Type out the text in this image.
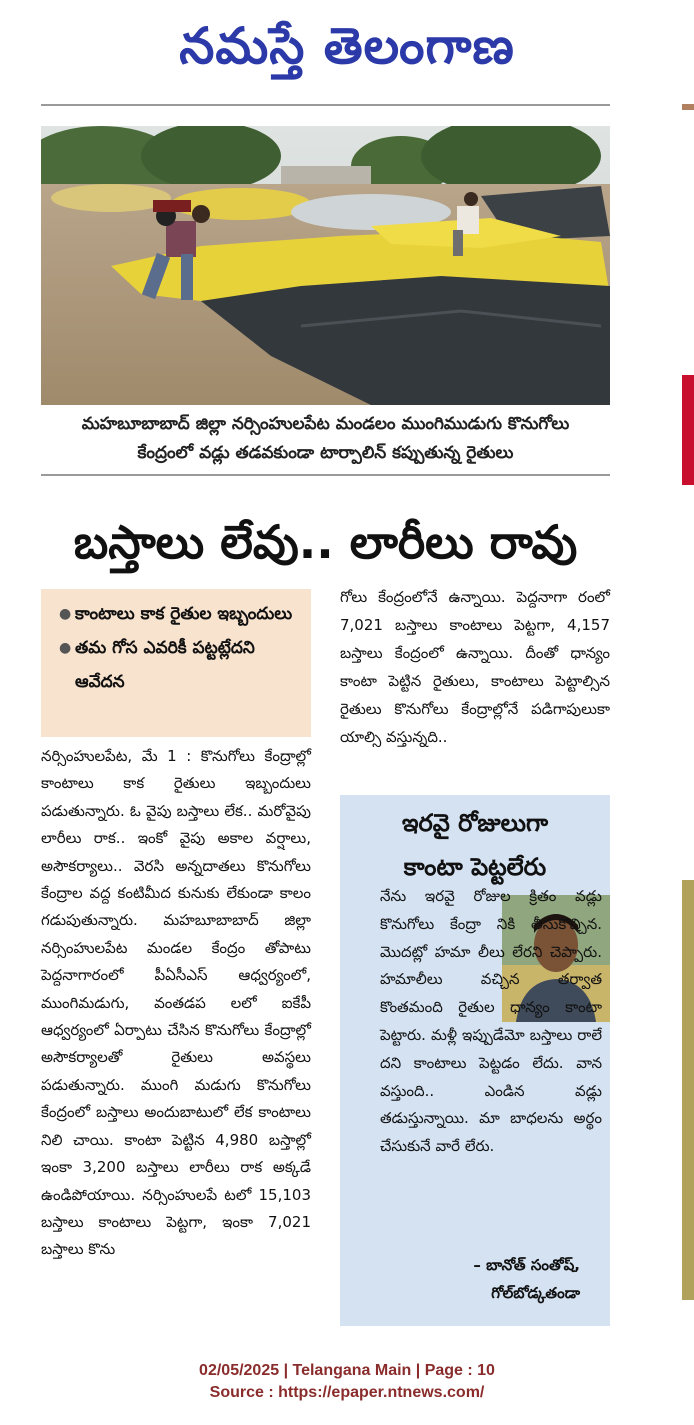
నమస్తే తెలంగాణ
మహబూబాబాద్ జిల్లా నర్సింహులపేట మండలం ముంగిముడుగు కొనుగోలు
కేంద్రంలో వడ్లు తడవకుండా టార్పాలిన్ కప్పుతున్న రైతులు
బస్తాలు లేవు.. లారీలు రావు
● కాంటాలు కాక రైతుల ఇబ్బందులు
● తమ గోస ఎవరికీ పట్టట్లేదని ఆవేదన
నర్సింహులపేట, మే 1 : కొనుగోలు కేంద్రాల్లో కాంటాలు కాక రైతులు ఇబ్బందులు పడుతున్నారు. ఓ వైపు బస్తాలు లేక.. మరోవైపు లారీలు రాక.. ఇంకో వైపు అకాల వర్షాలు, అసౌకర్యాలు.. వెరసి అన్నదాతలు కొనుగోలు కేంద్రాల వద్ద కంటిమీద కునుకు లేకుండా కాలం గడుపుతున్నారు. మహబూబాబాద్ జిల్లా నర్సింహులపేట మండల కేంద్రం తోపాటు పెద్దనాగారంలో పీఏసీఎస్ ఆధ్వర్యంలో, ముంగిమడుగు, వంతడప లలో ఐకేపీ ఆధ్వర్యంలో ఏర్పాటు చేసిన కొనుగోలు కేంద్రాల్లో అసౌకర్యాలతో రైతులు అవస్థలు పడుతున్నారు. ముంగి మడుగు కొనుగోలు కేంద్రంలో బస్తాలు అందుబాటులో లేక కాంటాలు నిలి చాయి. కాంటా పెట్టిన 4,980 బస్తాల్లో ఇంకా 3,200 బస్తాలు లారీలు రాక అక్కడే ఉండిపోయాయి. నర్సింహులపే టలో 15,103 బస్తాలు కాంటాలు పెట్టగా, ఇంకా 7,021 బస్తాలు కొను
గోలు కేంద్రంలోనే ఉన్నాయి. పెద్దనాగా రంలో 7,021 బస్తాలు కాంటాలు పెట్టగా, 4,157 బస్తాలు కేంద్రంలో ఉన్నాయి. దీంతో ధాన్యం కాంటా పెట్టిన రైతులు, కాంటాలు పెట్టాల్సిన రైతులు కొనుగోలు కేంద్రాల్లోనే పడిగాపులుకా యాల్సి వస్తున్నది..
ఇరవై రోజులుగా
కాంటా పెట్టలేరు
నేను ఇరవై రోజుల క్రితం వడ్లు కొనుగోలు కేంద్రా నికి తీసుకొచ్చిన. మొదట్లో హమా లీలు లేరని చెప్పారు. హమాలీలు వచ్చిన తర్వాత కొంతమంది రైతుల ధాన్యం కాంటా పెట్టారు. మళ్లీ ఇప్పుడేమో బస్తాలు రాలే దని కాంటాలు పెట్టడం లేదు. వాన వస్తుంది.. ఎండిన వడ్లు తడుస్తున్నాయి. మా బాధలను అర్థం చేసుకునే వారే లేరు.
– బానోత్ సంతోష్,
గోల్‌బోడ్కతండా
02/05/2025 | Telangana Main | Page : 10
Source : https://epaper.ntnews.com/
